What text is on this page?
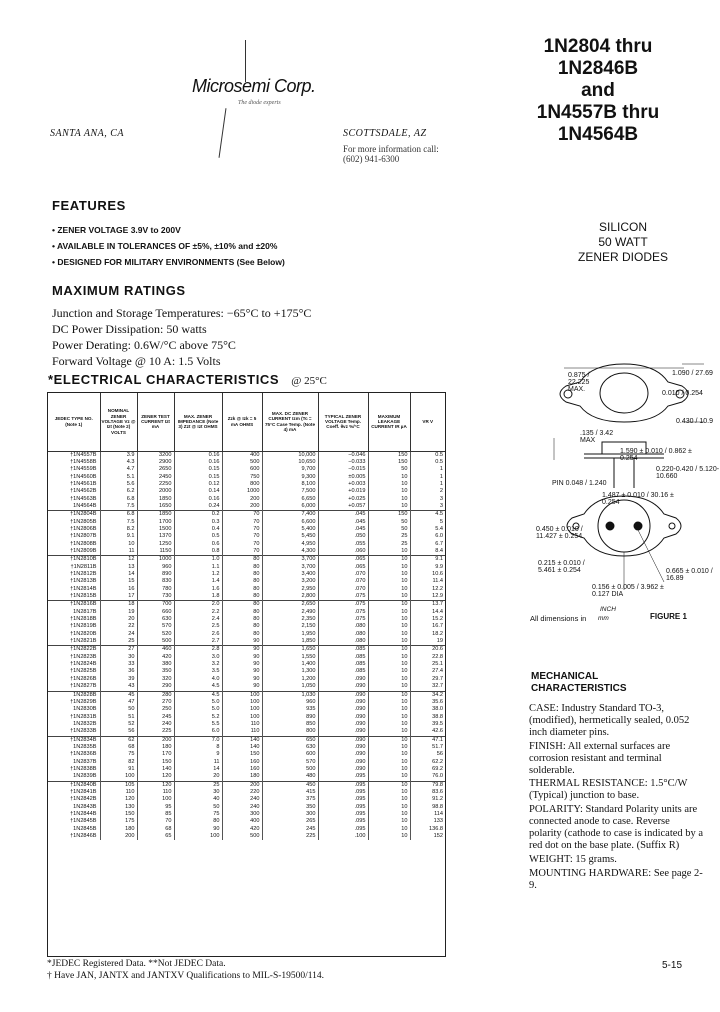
Microsemi Corp.
The diode experts
SANTA ANA, CA	SCOTTSDALE, AZ
For more information call:
(602) 941-6300
1N2804 thru
1N2846B
and
1N4557B thru
1N4564B
FEATURES
• ZENER VOLTAGE 3.9V to 200V
• AVAILABLE IN TOLERANCES OF ±5%, ±10% and ±20%
• DESIGNED FOR MILITARY ENVIRONMENTS (See Below)
SILICON
50 WATT
ZENER DIODES
MAXIMUM RATINGS
Junction and Storage Temperatures: −65°C to +175°C
DC Power Dissipation: 50 watts
Power Derating: 0.6W/°C above 75°C
Forward Voltage @ 10 A: 1.5 Volts
*ELECTRICAL CHARACTERISTICS @ 25°C
JEDEC TYPE NO. (Note 1)	NOMINAL ZENER VOLTAGE Vz @ Izt (Note 2) VOLTS	ZENER TEST CURRENT Izt mA	MAX. ZENER IMPEDANCE (Note 3) Zzt @ Izt OHMS	Zzk @ Izk = 5 mA OHMS	MAX. DC ZENER CURRENT Izm (Tc = 75°C Case Temp. (Note 4) mA	TYPICAL ZENER VOLTAGE Temp. Coeff. θvz %/°C	MAXIMUM LEAKAGE CURRENT IR µA	VR V
†1N4557B	3.9	3200	0.16	400	10,000	−0.046	150	0.5
†1N4558B	4.3	2900	0.16	500	10,650	−0.033	150	0.5
†1N4559B	4.7	2650	0.15	600	9,700	−0.015	50	1
†1N4560B	5.1	2450	0.15	750	9,300	±0.005	10	1
†1N4561B	5.6	2250	0.12	800	8,100	+0.003	10	1
†1N4562B	6.2	2000	0.14	1000	7,500	+0.019	10	2
†1N4563B	6.8	1850	0.16	200	6,650	+0.025	10	3
1N4564B	7.5	1650	0.24	200	6,000	+0.057	10	3
†1N2804B	6.8	1850	0.2	70	7,400	.045	150	4.5
†1N2805B	7.5	1700	0.3	70	6,600	.045	50	5
†1N2806B	8.2	1500	0.4	70	5,400	.045	50	5.4
†1N2807B	9.1	1370	0.5	70	5,450	.050	25	6.0
†1N2808B	10	1250	0.6	70	4,950	.055	25	6.7
†1N2809B	11	1150	0.8	70	4,300	.060	10	8.4
†1N2810B	12	1000	1.0	80	3,700	.065	10	9.1
†1N2811B	13	960	1.1	80	3,700	.065	10	9.9
†1N2812B	14	890	1.2	80	3,400	.070	10	10.6
†1N2813B	15	830	1.4	80	3,200	.070	10	11.4
†1N2814B	16	780	1.6	80	2,950	.070	10	12.2
†1N2815B	17	730	1.8	80	2,800	.075	10	12.9
†1N2816B	18	700	2.0	80	2,650	.075	10	13.7
1N2817B	19	660	2.2	80	2,490	.075	10	14.4
†1N2818B	20	630	2.4	80	2,350	.075	10	15.2
†1N2819B	22	570	2.5	80	2,150	.080	10	16.7
†1N2820B	24	520	2.6	80	1,950	.080	10	18.2
†1N2821B	25	500	2.7	90	1,850	.080	10	19
†1N2822B	27	460	2.8	90	1,650	.085	10	20.6
†1N2823B	30	420	3.0	90	1,550	.085	10	22.8
†1N2824B	33	380	3.2	90	1,400	.085	10	25.1
†1N2825B	36	350	3.5	90	1,300	.085	10	27.4
†1N2826B	39	320	4.0	90	1,200	.090	10	29.7
†1N2827B	43	290	4.5	90	1,050	.090	10	32.7
1N2828B	45	280	4.5	100	1,030	.090	10	34.2
†1N2829B	47	270	5.0	100	960	.090	10	35.6
1N2830B	50	250	5.0	100	935	.090	10	38.0
†1N2831B	51	245	5.2	100	890	.090	10	38.8
1N2832B	52	240	5.5	110	850	.090	10	39.5
†1N2833B	56	225	6.0	110	800	.090	10	42.6
†1N2834B	62	200	7.0	140	650	.090	10	47.1
1N2835B	68	180	8	140	630	.090	10	51.7
†1N2836B	75	170	9	150	600	.090	10	56
1N2837B	82	150	11	160	570	.090	10	62.2
†1N2838B	91	140	14	160	500	.090	10	69.2
1N2839B	100	120	20	180	480	.095	10	76.0
†1N2840B	105	120	25	200	450	.095	10	79.8
†1N2841B	110	110	30	220	415	.095	10	83.6
†1N2842B	120	100	40	240	375	.095	10	91.2
1N2843B	130	95	50	240	350	.095	10	98.8
†1N2844B	150	85	75	300	300	.095	10	114
†1N2845B	175	70	80	400	265	.095	10	133
1N2845B	180	68	90	420	245	.095	10	136.8
†1N2846B	200	65	100	500	225	.100	10	152
*JEDEC Registered Data. **Not JEDEC Data.
† Have JAN, JANTX and JANTXV Qualifications to MIL-S-19500/114.
1.090 / 27.69
0.875 / 22.225 MAX.
0.010 / 0.254
0.430 / 10.9
.135 / 3.42 MAX
1.590 ± 0.010 / 0.862 ± 0.254
0.220-0.420 / 5.120-10.660
PIN 0.048 / 1.240
1.487 ± 0.010 / 30.16 ± 0.254
0.450 ± 0.010 / 11.427 ± 0.254
0.215 ± 0.010 / 5.461 ± 0.254	0.665 ± 0.010 / 16.89
0.156 ± 0.005 / 3.962 ± 0.127 DIA
All dimensions in
INCH
mm	FIGURE 1
MECHANICAL
CHARACTERISTICS

CASE: Industry Standard TO-3, (modified), hermetically sealed, 0.052 inch diameter pins.

FINISH: All external surfaces are corrosion resistant and terminal solderable.

THERMAL RESISTANCE: 1.5°C/W (Typical) junction to base.

POLARITY: Standard Polarity units are connected anode to case. Reverse polarity (cathode to case is indicated by a red dot on the base plate. (Suffix R)

WEIGHT: 15 grams.

MOUNTING HARDWARE: See page 2-9.

5-15
